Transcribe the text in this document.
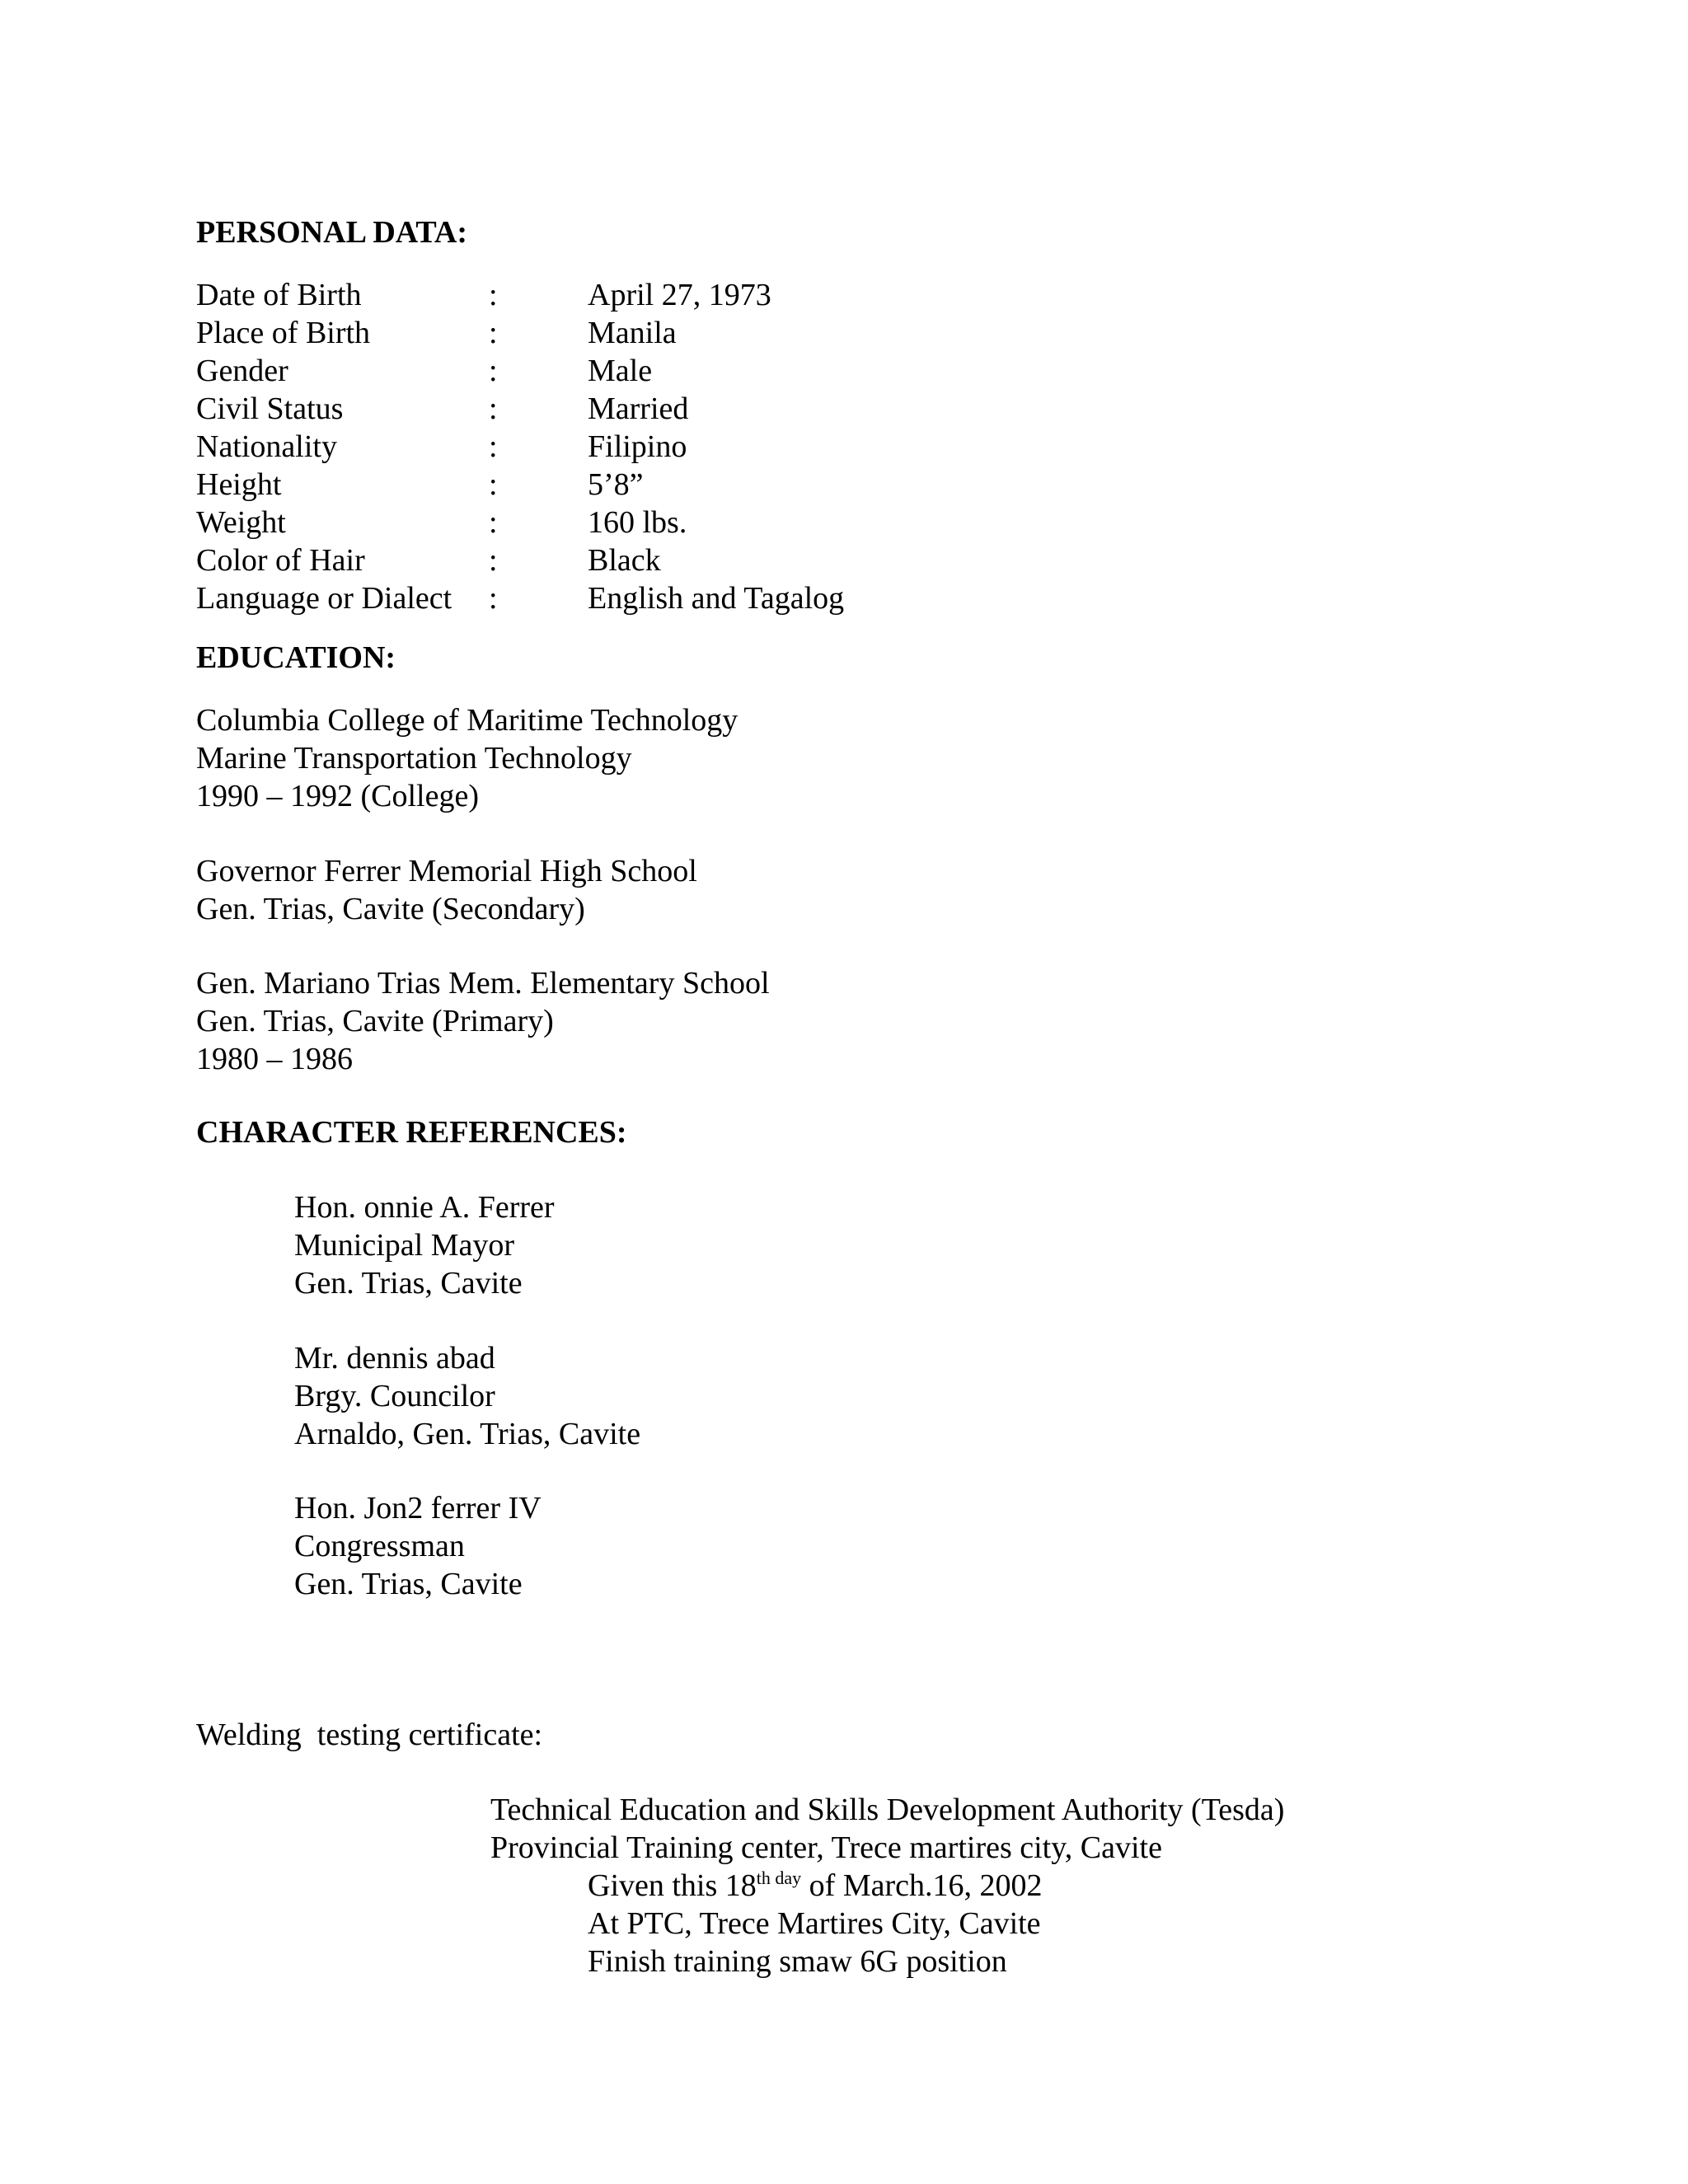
PERSONAL DATA:
Date of Birth	:	April 27, 1973
Place of Birth	:	Manila
Gender	:	Male
Civil Status	:	Married
Nationality	:	Filipino
Height	:	5’8”
Weight	:	160 lbs.
Color of Hair	:	Black
Language or Dialect :	English and Tagalog
EDUCATION:
Columbia College of Maritime Technology
Marine Transportation Technology
1990 – 1992 (College)
Governor Ferrer Memorial High School
Gen. Trias, Cavite (Secondary)
Gen. Mariano Trias Mem. Elementary School
Gen. Trias, Cavite (Primary)
1980 – 1986
CHARACTER REFERENCES:
Hon. onnie A. Ferrer
Municipal Mayor
Gen. Trias, Cavite
Mr. dennis abad
Brgy. Councilor
Arnaldo, Gen. Trias, Cavite
Hon. Jon2 ferrer IV
Congressman
Gen. Trias, Cavite
Welding  testing certificate:
Technical Education and Skills Development Authority (Tesda)
Provincial Training center, Trece martires city, Cavite
Given this $18^{th day}$ of March.16, 2002
At PTC, Trece Martires City, Cavite
Finish training smaw 6G position
